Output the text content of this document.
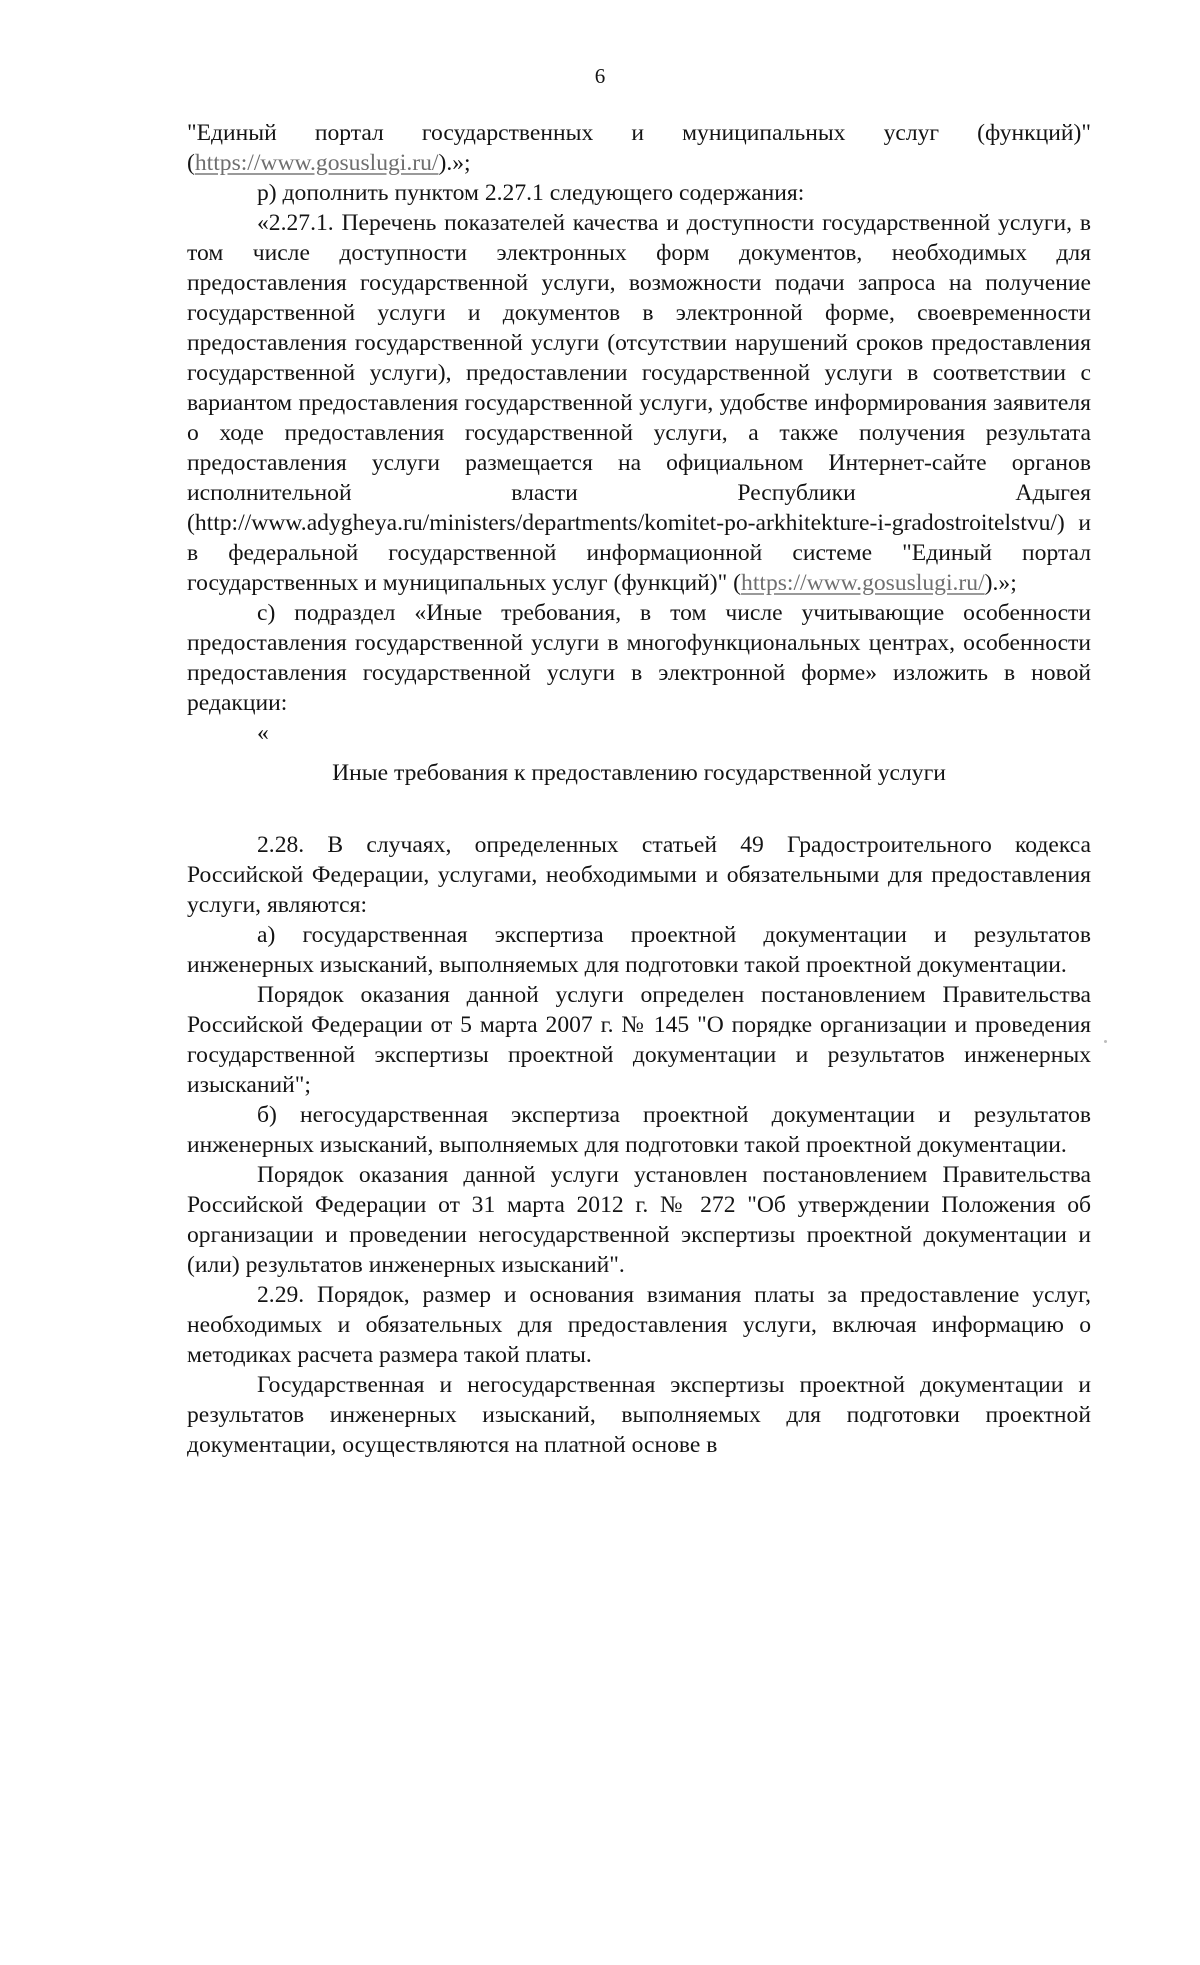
6

"Единый портал государственных и муниципальных услуг (функций)" (https://www.gosuslugi.ru/).»;

р) дополнить пунктом 2.27.1 следующего содержания:

«2.27.1. Перечень показателей качества и доступности государственной услуги, в том числе доступности электронных форм документов, необходимых для предоставления государственной услуги, возможности подачи запроса на получение государственной услуги и документов в электронной форме, своевременности предоставления государственной услуги (отсутствии нарушений сроков предоставления государственной услуги), предоставлении государственной услуги в соответствии с вариантом предоставления государственной услуги, удобстве информирования заявителя о ходе предоставления государственной услуги, а также получения результата предоставления услуги размещается на официальном Интернет-сайте органов исполнительной власти Республики Адыгея (http://www.adygheya.ru/ministers/departments/komitet-po-arkhitekture-i-gradostroitelstvu/) и в федеральной государственной информационной системе "Единый портал государственных и муниципальных услуг (функций)" (https://www.gosuslugi.ru/).»;

с) подраздел «Иные требования, в том числе учитывающие особенности предоставления государственной услуги в многофункциональных центрах, особенности предоставления государственной услуги в электронной форме» изложить в новой редакции:

«

Иные требования к предоставлению государственной услуги

2.28. В случаях, определенных статьей 49 Градостроительного кодекса Российской Федерации, услугами, необходимыми и обязательными для предоставления услуги, являются:

а) государственная экспертиза проектной документации и результатов инженерных изысканий, выполняемых для подготовки такой проектной документации.

Порядок оказания данной услуги определен постановлением Правительства Российской Федерации от 5 марта 2007 г. № 145 "О порядке организации и проведения государственной экспертизы проектной документации и результатов инженерных изысканий";

б) негосударственная экспертиза проектной документации и результатов инженерных изысканий, выполняемых для подготовки такой проектной документации.

Порядок оказания данной услуги установлен постановлением Правительства Российской Федерации от 31 марта 2012 г. № 272 "Об утверждении Положения об организации и проведении негосударственной экспертизы проектной документации и (или) результатов инженерных изысканий".

2.29. Порядок, размер и основания взимания платы за предоставление услуг, необходимых и обязательных для предоставления услуги, включая информацию о методиках расчета размера такой платы.

Государственная и негосударственная экспертизы проектной документации и результатов инженерных изысканий, выполняемых для подготовки проектной документации, осуществляются на платной основе в
